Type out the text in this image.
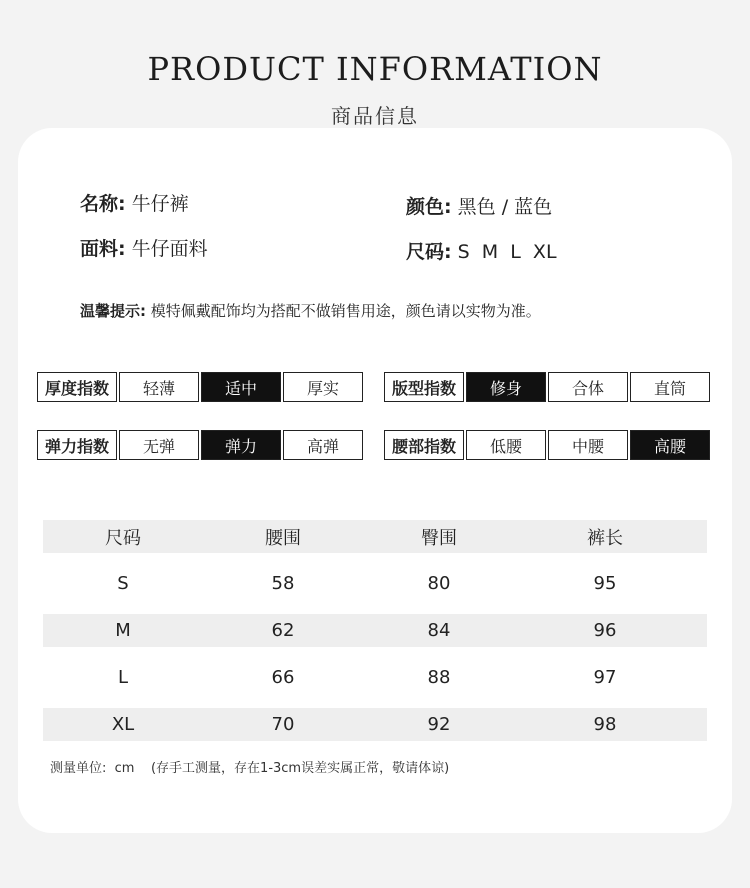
PRODUCT INFORMATION
商品信息
名称: 牛仔裤	颜色: 黑色 / 蓝色
面料: 牛仔面料	尺码: S  M  L  XL
温馨提示: 模特佩戴配饰均为搭配不做销售用途，颜色请以实物为准。
厚度指数	轻薄	适中	厚实	版型指数	修身	合体	直筒
弹力指数	无弹	弹力	高弹	腰部指数	低腰	中腰	高腰
尺码	腰围	臀围	裤长
S	58	80	95
M	62	84	96
L	66	88	97
XL	70	92	98
测量单位:  cm    (存手工测量，存在1-3cm误差实属正常，敬请体谅)
